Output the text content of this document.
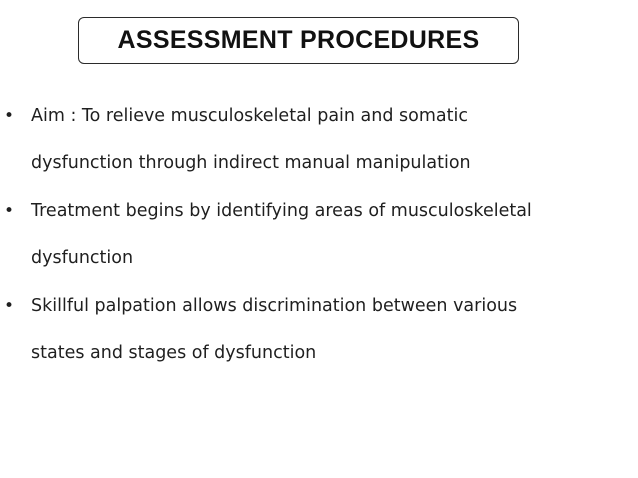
ASSESSMENT PROCEDURES
• Aim : To relieve musculoskeletal pain and somatic
dysfunction through indirect manual manipulation
• Treatment begins by identifying areas of musculoskeletal
dysfunction
• Skillful palpation allows discrimination between various
states and stages of dysfunction
